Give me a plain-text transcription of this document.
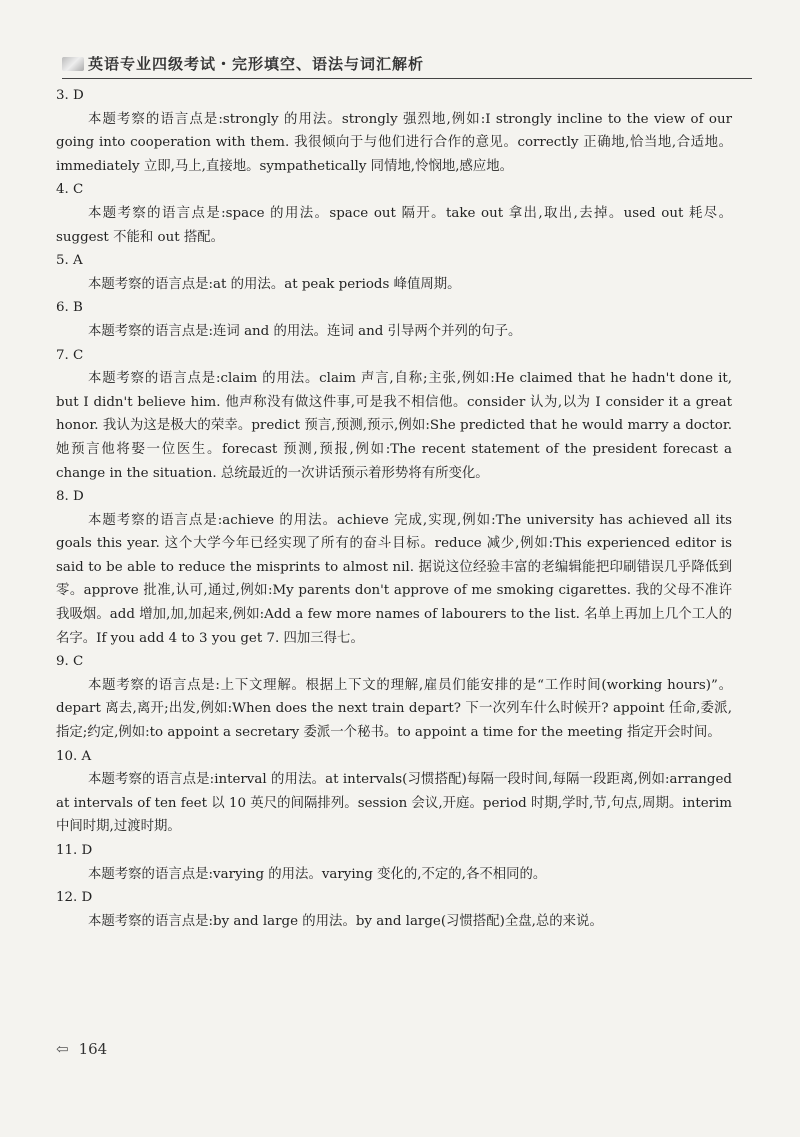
英语专业四级考试・完形填空、语法与词汇解析

3. D

本题考察的语言点是:strongly 的用法。strongly 强烈地,例如:I strongly incline to the view of our going into cooperation with them. 我很倾向于与他们进行合作的意见。correctly 正确地,恰当地,合适地。immediately 立即,马上,直接地。sympathetically 同情地,怜悯地,感应地。

4. C

本题考察的语言点是:space 的用法。space out 隔开。take out 拿出,取出,去掉。used out 耗尽。suggest 不能和 out 搭配。

5. A

本题考察的语言点是:at 的用法。at peak periods 峰值周期。

6. B

本题考察的语言点是:连词 and 的用法。连词 and 引导两个并列的句子。

7. C

本题考察的语言点是:claim 的用法。claim 声言,自称;主张,例如:He claimed that he hadn't done it, but I didn't believe him. 他声称没有做这件事,可是我不相信他。consider 认为,以为 I consider it a great honor. 我认为这是极大的荣幸。predict 预言,预测,预示,例如:She predicted that he would marry a doctor. 她预言他将娶一位医生。forecast 预测,预报,例如:The recent statement of the president forecast a change in the situation. 总统最近的一次讲话预示着形势将有所变化。

8. D

本题考察的语言点是:achieve 的用法。achieve 完成,实现,例如:The university has achieved all its goals this year. 这个大学今年已经实现了所有的奋斗目标。reduce 减少,例如:This experienced editor is said to be able to reduce the misprints to almost nil. 据说这位经验丰富的老编辑能把印刷错误几乎降低到零。approve 批准,认可,通过,例如:My parents don't approve of me smoking cigarettes. 我的父母不准许我吸烟。add 增加,加,加起来,例如:Add a few more names of labourers to the list. 名单上再加上几个工人的名字。If you add 4 to 3 you get 7. 四加三得七。

9. C

本题考察的语言点是:上下文理解。根据上下文的理解,雇员们能安排的是“工作时间(working hours)”。depart 离去,离开;出发,例如:When does the next train depart? 下一次列车什么时候开? appoint 任命,委派,指定;约定,例如:to appoint a secretary 委派一个秘书。to appoint a time for the meeting 指定开会时间。

10. A

本题考察的语言点是:interval 的用法。at intervals(习惯搭配)每隔一段时间,每隔一段距离,例如:arranged at intervals of ten feet 以 10 英尺的间隔排列。session 会议,开庭。period 时期,学时,节,句点,周期。interim 中间时期,过渡时期。

11. D

本题考察的语言点是:varying 的用法。varying 变化的,不定的,各不相同的。

12. D

本题考察的语言点是:by and large 的用法。by and large(习惯搭配)全盘,总的来说。

⇦ 164
